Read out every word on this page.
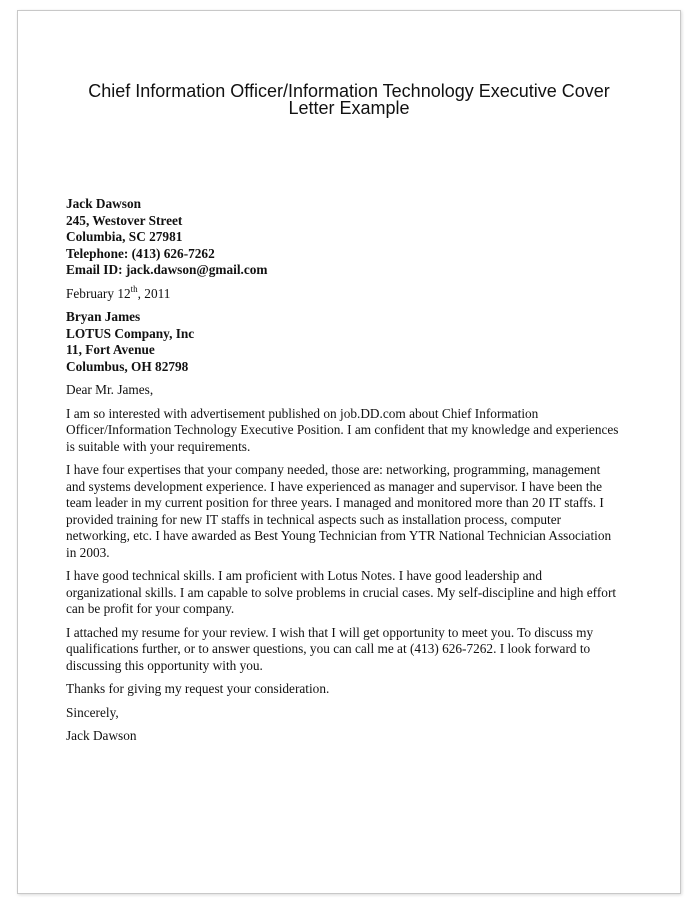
Chief Information Officer/Information Technology Executive Cover
Letter Example
Jack Dawson
245, Westover Street
Columbia, SC 27981
Telephone: (413) 626-7262
Email ID: jack.dawson@gmail.com
February 12th, 2011
Bryan James
LOTUS Company, Inc
11, Fort Avenue
Columbus, OH 82798
Dear Mr. James,
I am so interested with advertisement published on job.DD.com about Chief Information
Officer/Information Technology Executive Position. I am confident that my knowledge and experiences
is suitable with your requirements.
I have four expertises that your company needed, those are: networking, programming, management
and systems development experience. I have experienced as manager and supervisor. I have been the
team leader in my current position for three years. I managed and monitored more than 20 IT staffs. I
provided training for new IT staffs in technical aspects such as installation process, computer
networking, etc. I have awarded as Best Young Technician from YTR National Technician Association
in 2003.
I have good technical skills. I am proficient with Lotus Notes. I have good leadership and
organizational skills. I am capable to solve problems in crucial cases. My self-discipline and high effort
can be profit for your company.
I attached my resume for your review. I wish that I will get opportunity to meet you. To discuss my
qualifications further, or to answer questions, you can call me at (413) 626-7262. I look forward to
discussing this opportunity with you.
Thanks for giving my request your consideration.
Sincerely,
Jack Dawson
